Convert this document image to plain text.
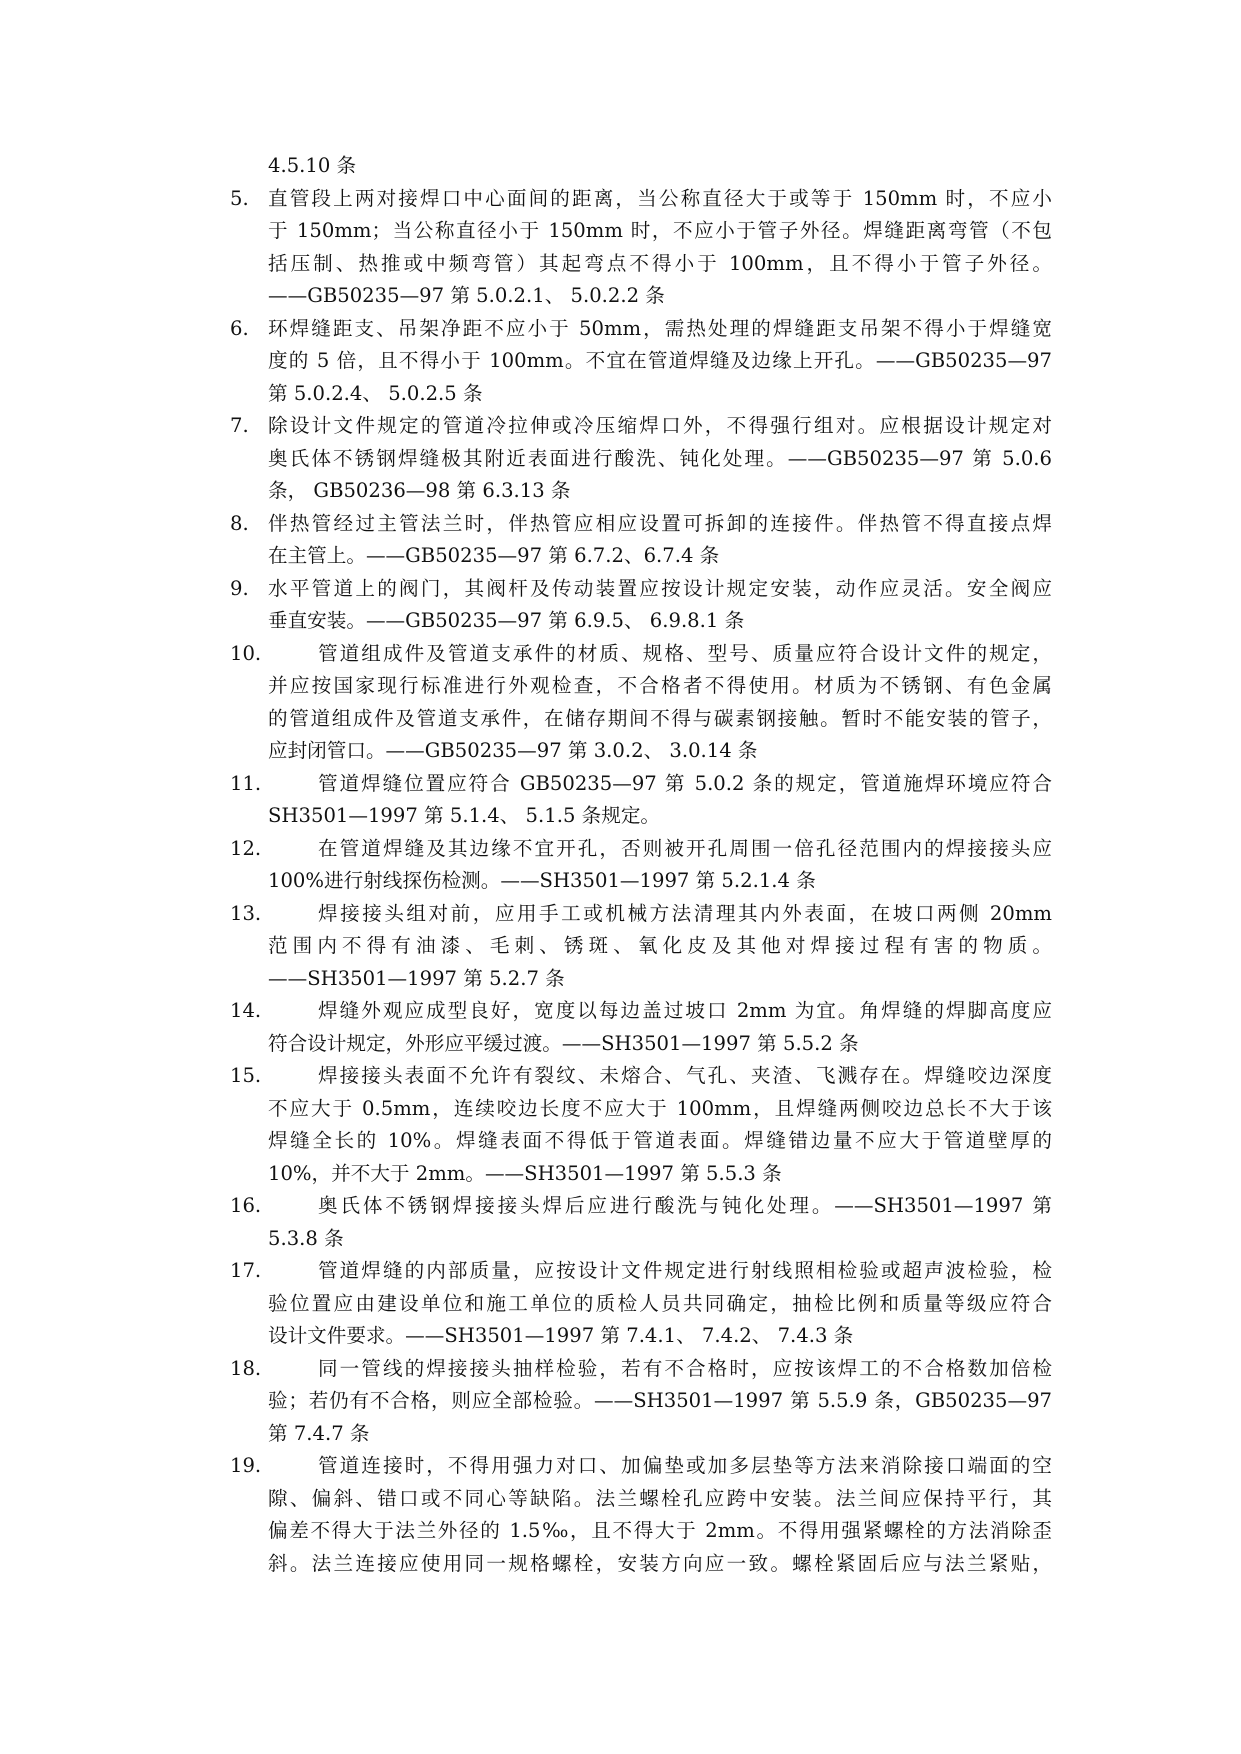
4.5.10 条
5. 直管段上两对接焊口中心面间的距离，当公称直径大于或等于 150mm 时，不应小
于 150mm；当公称直径小于 150mm 时，不应小于管子外径。焊缝距离弯管（不包
括压制、热推或中频弯管）其起弯点不得小于 100mm，且不得小于管子外径。
——GB50235—97 第 5.0.2.1、 5.0.2.2 条
6. 环焊缝距支、吊架净距不应小于 50mm，需热处理的焊缝距支吊架不得小于焊缝宽
度的 5 倍，且不得小于 100mm。不宜在管道焊缝及边缘上开孔。——GB50235—97
第 5.0.2.4、 5.0.2.5 条
7. 除设计文件规定的管道冷拉伸或冷压缩焊口外，不得强行组对。应根据设计规定对
奥氏体不锈钢焊缝极其附近表面进行酸洗、钝化处理。——GB50235—97 第 5.0.6
条， GB50236—98 第 6.3.13 条
8. 伴热管经过主管法兰时，伴热管应相应设置可拆卸的连接件。伴热管不得直接点焊
在主管上。——GB50235—97 第 6.7.2、6.7.4 条
9. 水平管道上的阀门，其阀杆及传动装置应按设计规定安装，动作应灵活。安全阀应
垂直安装。——GB50235—97 第 6.9.5、 6.9.8.1 条
10.	管道组成件及管道支承件的材质、规格、型号、质量应符合设计文件的规定，
并应按国家现行标准进行外观检查，不合格者不得使用。材质为不锈钢、有色金属
的管道组成件及管道支承件，在储存期间不得与碳素钢接触。暂时不能安装的管子，
应封闭管口。——GB50235—97 第 3.0.2、 3.0.14 条
11.	管道焊缝位置应符合 GB50235—97 第 5.0.2 条的规定，管道施焊环境应符合
SH3501—1997 第 5.1.4、 5.1.5 条规定。
12.	在管道焊缝及其边缘不宜开孔，否则被开孔周围一倍孔径范围内的焊接接头应
100%进行射线探伤检测。——SH3501—1997 第 5.2.1.4 条
13.	焊接接头组对前，应用手工或机械方法清理其内外表面，在坡口两侧 20mm
范围内不得有油漆、毛刺、锈斑、氧化皮及其他对焊接过程有害的物质。
——SH3501—1997 第 5.2.7 条
14.	焊缝外观应成型良好，宽度以每边盖过坡口 2mm 为宜。角焊缝的焊脚高度应
符合设计规定，外形应平缓过渡。——SH3501—1997 第 5.5.2 条
15.	焊接接头表面不允许有裂纹、未熔合、气孔、夹渣、飞溅存在。焊缝咬边深度
不应大于 0.5mm，连续咬边长度不应大于 100mm，且焊缝两侧咬边总长不大于该
焊缝全长的 10%。焊缝表面不得低于管道表面。焊缝错边量不应大于管道壁厚的
10%，并不大于 2mm。——SH3501—1997 第 5.5.3 条
16.	奥氏体不锈钢焊接接头焊后应进行酸洗与钝化处理。——SH3501—1997 第
5.3.8 条
17.	管道焊缝的内部质量，应按设计文件规定进行射线照相检验或超声波检验，检
验位置应由建设单位和施工单位的质检人员共同确定，抽检比例和质量等级应符合
设计文件要求。——SH3501—1997 第 7.4.1、 7.4.2、 7.4.3 条
18.	同一管线的焊接接头抽样检验，若有不合格时，应按该焊工的不合格数加倍检
验；若仍有不合格，则应全部检验。——SH3501—1997 第 5.5.9 条，GB50235—97
第 7.4.7 条
19.	管道连接时，不得用强力对口、加偏垫或加多层垫等方法来消除接口端面的空
隙、偏斜、错口或不同心等缺陷。法兰螺栓孔应跨中安装。法兰间应保持平行，其
偏差不得大于法兰外径的 1.5‰，且不得大于 2mm。不得用强紧螺栓的方法消除歪
斜。法兰连接应使用同一规格螺栓，安装方向应一致。螺栓紧固后应与法兰紧贴，
